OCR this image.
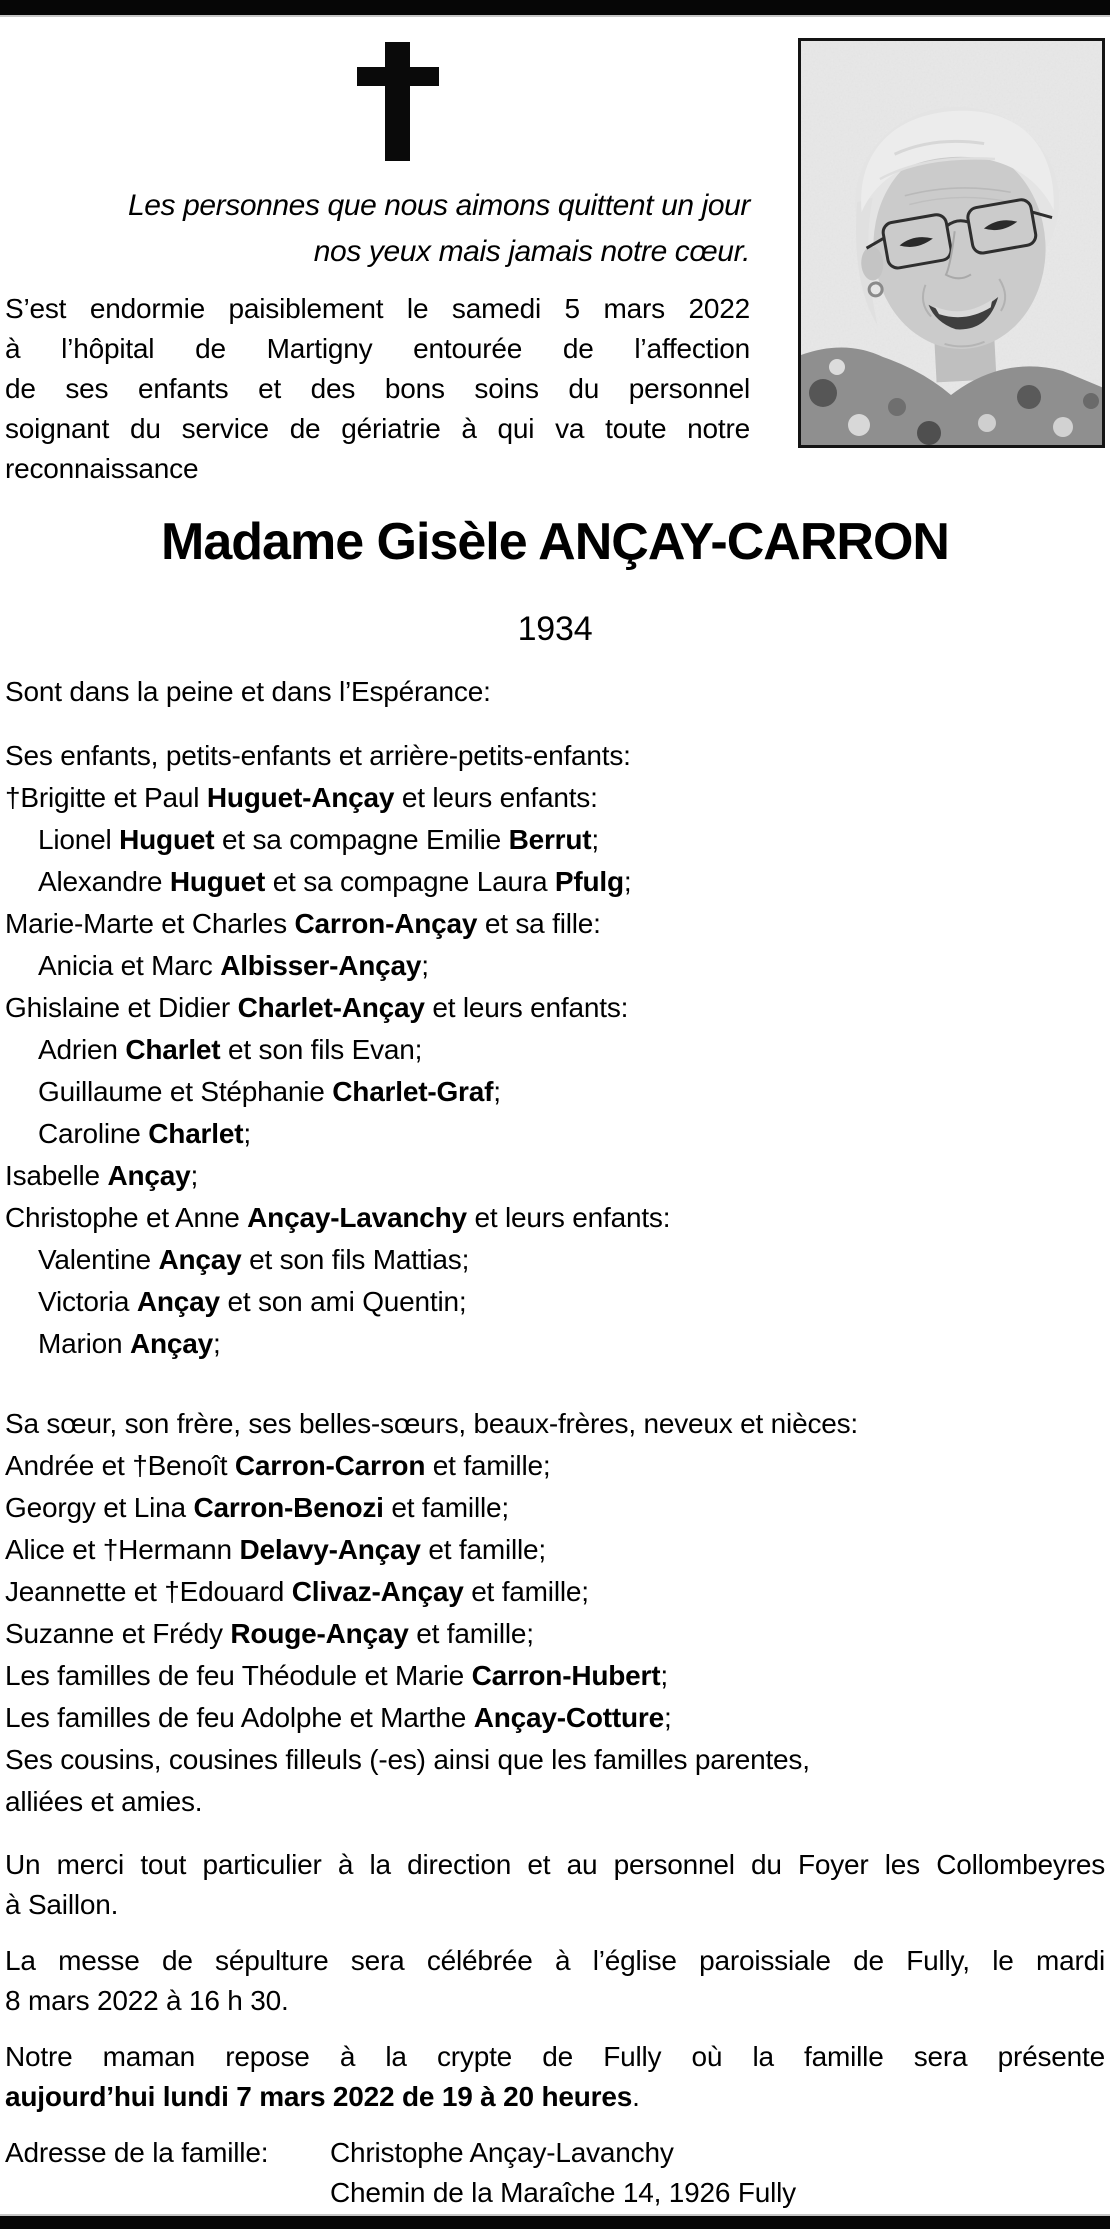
Les personnes que nous aimons quittent un jour
nos yeux mais jamais notre cœur.
S’est endormie paisiblement le samedi 5 mars 2022
à l’hôpital de Martigny entourée de l’affection
de ses enfants et des bons soins du personnel
soignant du service de gériatrie à qui va toute notre
reconnaissance
Madame Gisèle ANÇAY-CARRON
1934
Sont dans la peine et dans l’Espérance:
Ses enfants, petits-enfants et arrière-petits-enfants:
†Brigitte et Paul Huguet-Ançay et leurs enfants:
Lionel Huguet et sa compagne Emilie Berrut;
Alexandre Huguet et sa compagne Laura Pfulg;
Marie-Marte et Charles Carron-Ançay et sa fille:
Anicia et Marc Albisser-Ançay;
Ghislaine et Didier Charlet-Ançay et leurs enfants:
Adrien Charlet et son fils Evan;
Guillaume et Stéphanie Charlet-Graf;
Caroline Charlet;
Isabelle Ançay;
Christophe et Anne Ançay-Lavanchy et leurs enfants:
Valentine Ançay et son fils Mattias;
Victoria Ançay et son ami Quentin;
Marion Ançay;
Sa sœur, son frère, ses belles-sœurs, beaux-frères, neveux et nièces:
Andrée et †Benoît Carron-Carron et famille;
Georgy et Lina Carron-Benozi et famille;
Alice et †Hermann Delavy-Ançay et famille;
Jeannette et †Edouard Clivaz-Ançay et famille;
Suzanne et Frédy Rouge-Ançay et famille;
Les familles de feu Théodule et Marie Carron-Hubert;
Les familles de feu Adolphe et Marthe Ançay-Cotture;
Ses cousins, cousines filleuls (-es) ainsi que les familles parentes,
alliées et amies.
Un merci tout particulier à la direction et au personnel du Foyer les Collombeyres
à Saillon.
La messe de sépulture sera célébrée à l’église paroissiale de Fully, le mardi
8 mars 2022 à 16 h 30.
Notre maman repose à la crypte de Fully où la famille sera présente
aujourd’hui lundi 7 mars 2022 de 19 à 20 heures.
Adresse de la famille:	Christophe Ançay-Lavanchy
Chemin de la Maraîche 14, 1926 Fully
